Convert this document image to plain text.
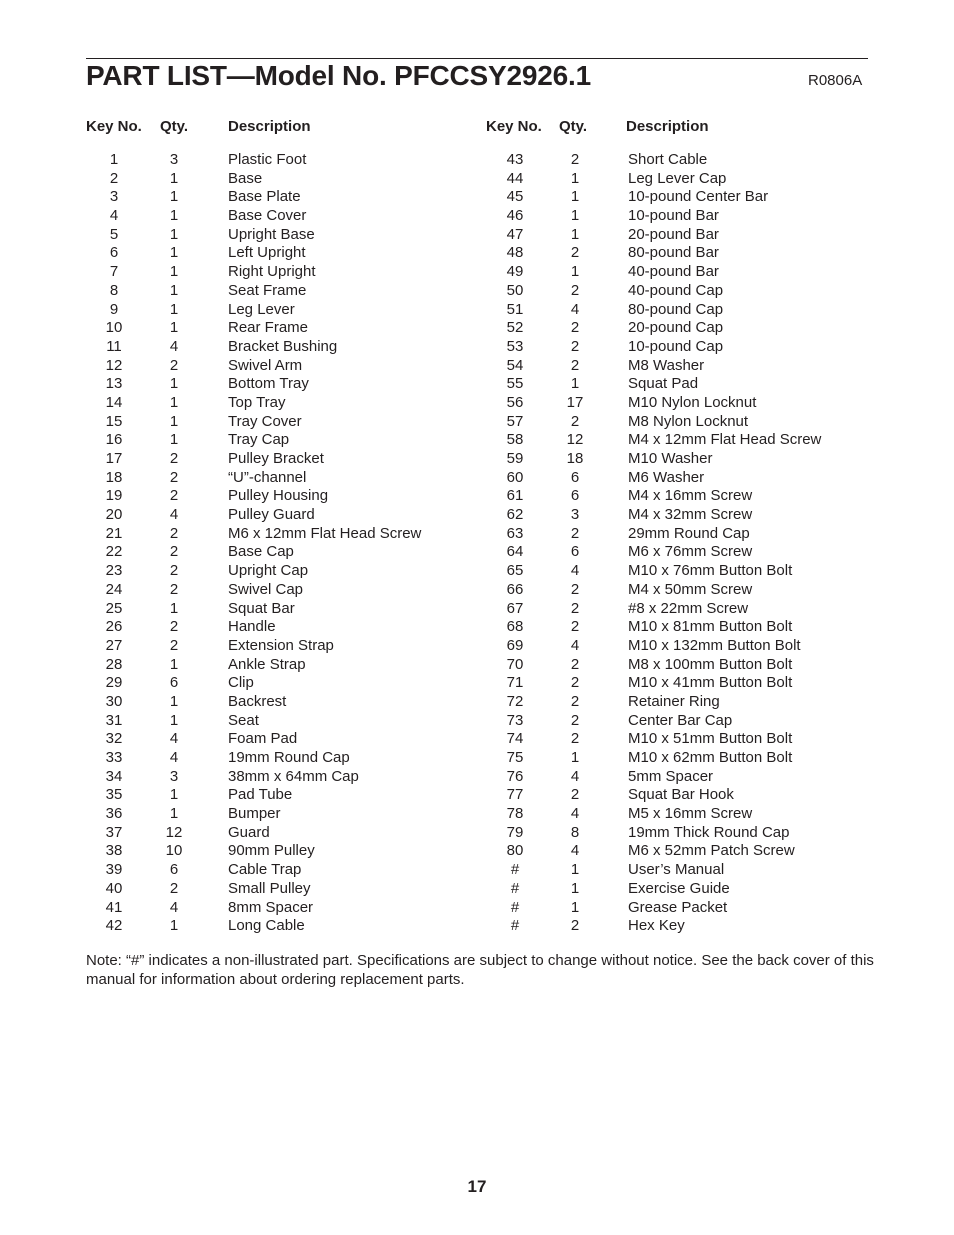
PART LIST—Model No. PFCCSY2926.1	R0806A
Key No. Qty.	Description	Key No. Qty.	Description
1	3	Plastic Foot
2	1	Base
3	1	Base Plate
4	1	Base Cover
5	1	Upright Base
6	1	Left Upright
7	1	Right Upright
8	1	Seat Frame
9	1	Leg Lever
10	1	Rear Frame
11	4	Bracket Bushing
12	2	Swivel Arm
13	1	Bottom Tray
14	1	Top Tray
15	1	Tray Cover
16	1	Tray Cap
17	2	Pulley Bracket
18	2	“U”-channel
19	2	Pulley Housing
20	4	Pulley Guard
21	2	M6 x 12mm Flat Head Screw
22	2	Base Cap
23	2	Upright Cap
24	2	Swivel Cap
25	1	Squat Bar
26	2	Handle
27	2	Extension Strap
28	1	Ankle Strap
29	6	Clip
30	1	Backrest
31	1	Seat
32	4	Foam Pad
33	4	19mm Round Cap
34	3	38mm x 64mm Cap
35	1	Pad Tube
36	1	Bumper
37	12	Guard
38	10	90mm Pulley
39	6	Cable Trap
40	2	Small Pulley
41	4	8mm Spacer
42	1	Long Cable
43	2	Short Cable
44	1	Leg Lever Cap
45	1	10-pound Center Bar
46	1	10-pound Bar
47	1	20-pound Bar
48	2	80-pound Bar
49	1	40-pound Bar
50	2	40-pound Cap
51	4	80-pound Cap
52	2	20-pound Cap
53	2	10-pound Cap
54	2	M8 Washer
55	1	Squat Pad
56	17	M10 Nylon Locknut
57	2	M8 Nylon Locknut
58	12	M4 x 12mm Flat Head Screw
59	18	M10 Washer
60	6	M6 Washer
61	6	M4 x 16mm Screw
62	3	M4 x 32mm Screw
63	2	29mm Round Cap
64	6	M6 x 76mm Screw
65	4	M10 x 76mm Button Bolt
66	2	M4 x 50mm Screw
67	2	#8 x 22mm Screw
68	2	M10 x 81mm Button Bolt
69	4	M10 x 132mm Button Bolt
70	2	M8 x 100mm Button Bolt
71	2	M10 x 41mm Button Bolt
72	2	Retainer Ring
73	2	Center Bar Cap
74	2	M10 x 51mm Button Bolt
75	1	M10 x 62mm Button Bolt
76	4	5mm Spacer
77	2	Squat Bar Hook
78	4	M5 x 16mm Screw
79	8	19mm Thick Round Cap
80	4	M6 x 52mm Patch Screw
#	1	User’s Manual
#	1	Exercise Guide
#	1	Grease Packet
#	2	Hex Key
Note: “#” indicates a non-illustrated part. Specifications are subject to change without notice. See the back cover of this manual for information about ordering replacement parts.
17
